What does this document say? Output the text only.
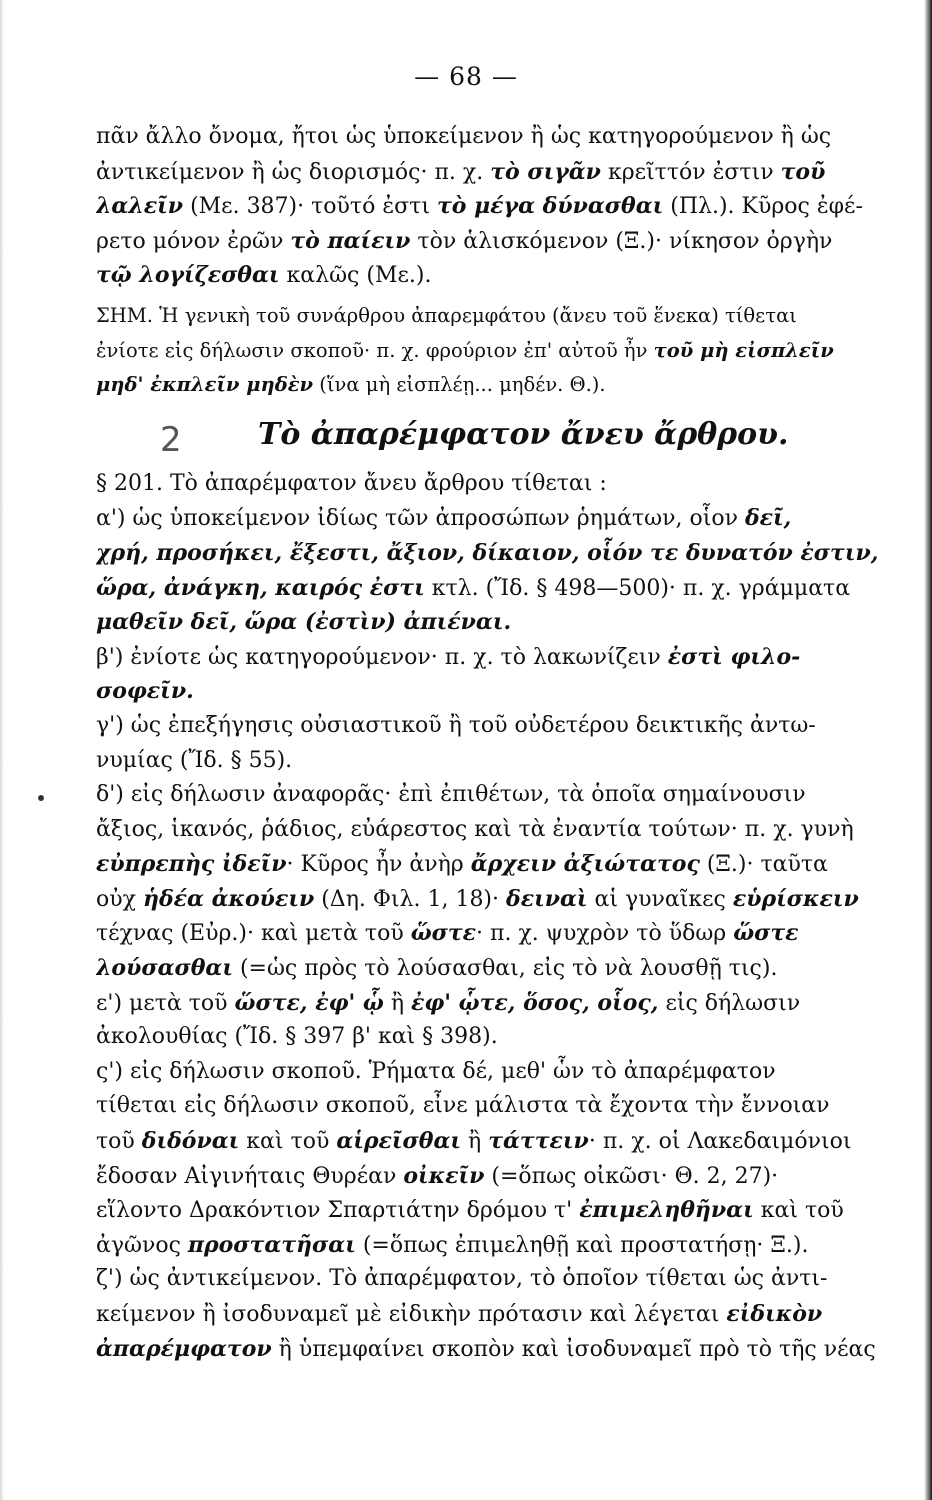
— 68 —
2
πᾶν ἄλλο ὄνομα, ἤτοι ὡς ὑποκείμενον ἢ ὡς κατηγορούμενον ἢ ὡς
ἀντικείμενον ἢ ὡς διορισμός· π. χ. τὸ σιγᾶν κρεῖττόν ἐστιν τοῦ
λαλεῖν (Με. 387)· τοῦτό ἐστι τὸ μέγα δύνασθαι (Πλ.). Κῦρος ἐφέ-
ρετο μόνον ἐρῶν τὸ παίειν τὸν ἁλισκόμενον (Ξ.)· νίκησον ὀργὴν
τῷ λογίζεσθαι καλῶς (Με.).
ΣΗΜ. Ἡ γενικὴ τοῦ συνάρθρου ἀπαρεμφάτου (ἄνευ τοῦ ἕνεκα) τίθεται
ἐνίοτε εἰς δήλωσιν σκοποῦ· π. χ. φρούριον ἐπ' αὐτοῦ ἦν τοῦ μὴ εἰσπλεῖν
μηδ' ἐκπλεῖν μηδὲν (ἵνα μὴ εἰσπλέῃ... μηδέν. Θ.).
Τὸ ἀπαρέμφατον ἄνευ ἄρθρου.
§ 201. Τὸ ἀπαρέμφατον ἄνευ ἄρθρου τίθεται :
α') ὡς ὑποκείμενον ἰδίως τῶν ἀπροσώπων ῥημάτων, οἷον δεῖ,
χρή, προσήκει, ἔξεστι, ἄξιον, δίκαιον, οἷόν τε δυνατόν ἐστιν,
ὥρα, ἀνάγκη, καιρός ἐστι κτλ. (Ἴδ. § 498—500)· π. χ. γράμματα
μαθεῖν δεῖ, ὥρα (ἐστὶν) ἀπιέναι.
β') ἐνίοτε ὡς κατηγορούμενον· π. χ. τὸ λακωνίζειν ἐστὶ φιλο-
σοφεῖν.
γ') ὡς ἐπεξήγησις οὐσιαστικοῦ ἢ τοῦ οὐδετέρου δεικτικῆς ἀντω-
νυμίας (Ἴδ. § 55).
δ') εἰς δήλωσιν ἀναφορᾶς· ἐπὶ ἐπιθέτων, τὰ ὁποῖα σημαίνουσιν
ἄξιος, ἱκανός, ῥάδιος, εὐάρεστος καὶ τὰ ἐναντία τούτων· π. χ. γυνὴ
εὐπρεπὴς ἰδεῖν· Κῦρος ἦν ἀνὴρ ἄρχειν ἀξιώτατος (Ξ.)· ταῦτα
οὐχ ἡδέα ἀκούειν (Δη. Φιλ. 1, 18)· δειναὶ αἱ γυναῖκες εὑρίσκειν
τέχνας (Εὐρ.)· καὶ μετὰ τοῦ ὥστε· π. χ. ψυχρὸν τὸ ὕδωρ ὥστε
λούσασθαι (=ὡς πρὸς τὸ λούσασθαι, εἰς τὸ νὰ λουσθῇ τις).
ε') μετὰ τοῦ ὥστε, ἐφ' ᾧ ἢ ἐφ' ᾧτε, ὅσος, οἷος, εἰς δήλωσιν
ἀκολουθίας (Ἴδ. § 397 β' καὶ § 398).
ς') εἰς δήλωσιν σκοποῦ. Ῥήματα δέ, μεθ' ὧν τὸ ἀπαρέμφατον
τίθεται εἰς δήλωσιν σκοποῦ, εἶνε μάλιστα τὰ ἔχοντα τὴν ἔννοιαν
τοῦ διδόναι καὶ τοῦ αἱρεῖσθαι ἢ τάττειν· π. χ. οἱ Λακεδαιμόνιοι
ἔδοσαν Αἰγινήταις Θυρέαν οἰκεῖν (=ὅπως οἰκῶσι· Θ. 2, 27)·
εἵλοντο Δρακόντιον Σπαρτιάτην δρόμου τ' ἐπιμεληθῆναι καὶ τοῦ
ἀγῶνος προστατῆσαι (=ὅπως ἐπιμεληθῇ καὶ προστατήσῃ· Ξ.).
ζ') ὡς ἀντικείμενον. Τὸ ἀπαρέμφατον, τὸ ὁποῖον τίθεται ὡς ἀντι-
κείμενον ἢ ἰσοδυναμεῖ μὲ εἰδικὴν πρότασιν καὶ λέγεται εἰδικὸν
ἀπαρέμφατον ἢ ὑπεμφαίνει σκοπὸν καὶ ἰσοδυναμεῖ πρὸ τὸ τῆς νέας
